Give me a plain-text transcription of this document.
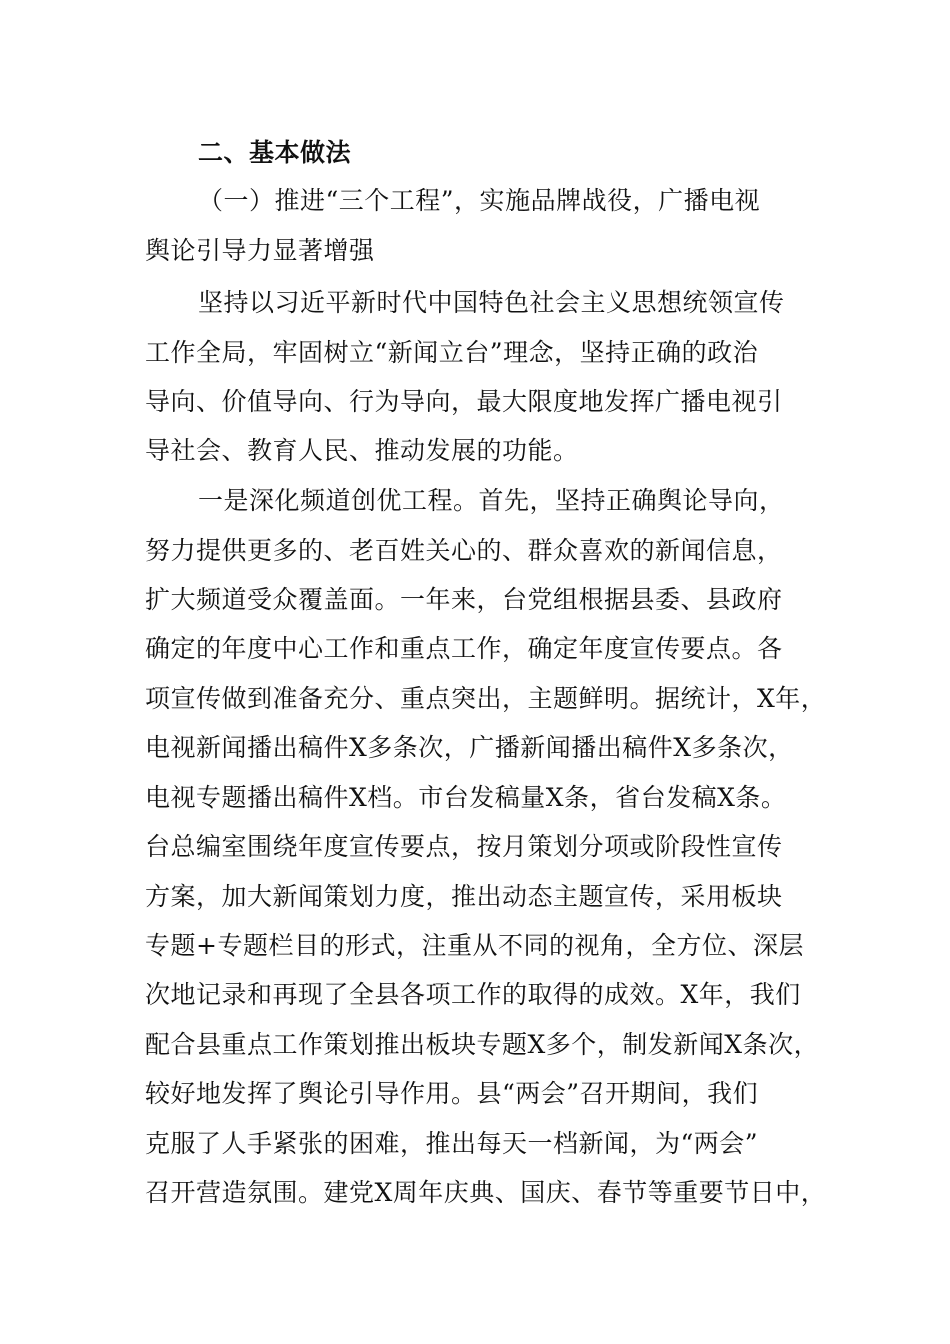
二、基本做法

（一）推进“三个工程”，实施品牌战役，广播电视

舆论引导力显著增强

坚持以习近平新时代中国特色社会主义思想统领宣传

工作全局，牢固树立“新闻立台”理念，坚持正确的政治

导向、价值导向、行为导向，最大限度地发挥广播电视引

导社会、教育人民、推动发展的功能。

一是深化频道创优工程。首先，坚持正确舆论导向，

努力提供更多的、老百姓关心的、群众喜欢的新闻信息，

扩大频道受众覆盖面。一年来，台党组根据县委、县政府

确定的年度中心工作和重点工作，确定年度宣传要点。各

项宣传做到准备充分、重点突出，主题鲜明。据统计，X年，

电视新闻播出稿件X多条次，广播新闻播出稿件X多条次，

电视专题播出稿件X档。市台发稿量X条，省台发稿X条。

台总编室围绕年度宣传要点，按月策划分项或阶段性宣传

方案，加大新闻策划力度，推出动态主题宣传，采用板块

专题+专题栏目的形式，注重从不同的视角，全方位、深层

次地记录和再现了全县各项工作的取得的成效。X年，我们

配合县重点工作策划推出板块专题X多个，制发新闻X条次，

较好地发挥了舆论引导作用。县“两会”召开期间，我们

克服了人手紧张的困难，推出每天一档新闻，为“两会”

召开营造氛围。建党X周年庆典、国庆、春节等重要节日中，
